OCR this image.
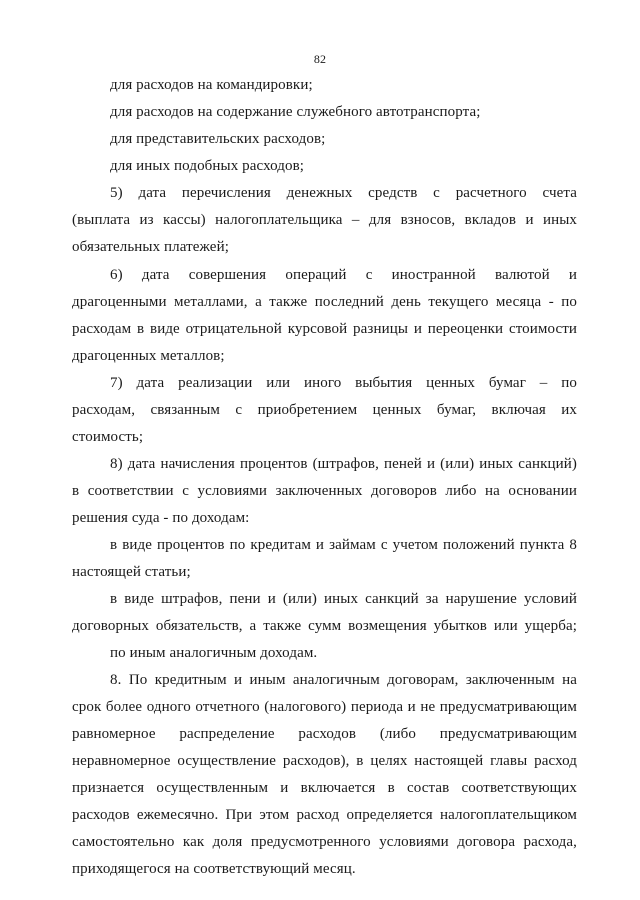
82
для расходов на командировки;
для расходов на содержание служебного автотранспорта;
для представительских расходов;
для иных подобных расходов;
5) дата перечисления денежных средств с расчетного счета
(выплата из кассы) налогоплательщика – для взносов, вкладов и иных
обязательных платежей;
6) дата совершения операций с иностранной валютой и
драгоценными металлами, а также последний день текущего месяца - по
расходам в виде отрицательной курсовой разницы и переоценки стоимости
драгоценных металлов;
7) дата реализации или иного выбытия ценных бумаг – по
расходам, связанным с приобретением ценных бумаг, включая их
стоимость;
8) дата начисления процентов (штрафов, пеней и (или) иных санкций)
в соответствии с условиями заключенных договоров либо на основании
решения суда - по доходам:
в виде процентов по кредитам и займам с учетом положений пункта 8
настоящей статьи;
в виде штрафов, пени и (или) иных санкций за нарушение условий
договорных обязательств, а также сумм возмещения убытков или ущерба;
по иным аналогичным доходам.
8. По кредитным и иным аналогичным договорам, заключенным на
срок более одного отчетного (налогового) периода и не предусматривающим
равномерное распределение расходов (либо предусматривающим
неравномерное осуществление расходов), в целях настоящей главы расход
признается осуществленным и включается в состав соответствующих
расходов ежемесячно. При этом расход определяется налогоплательщиком
самостоятельно как доля предусмотренного условиями договора расхода,
приходящегося на соответствующий месяц.
